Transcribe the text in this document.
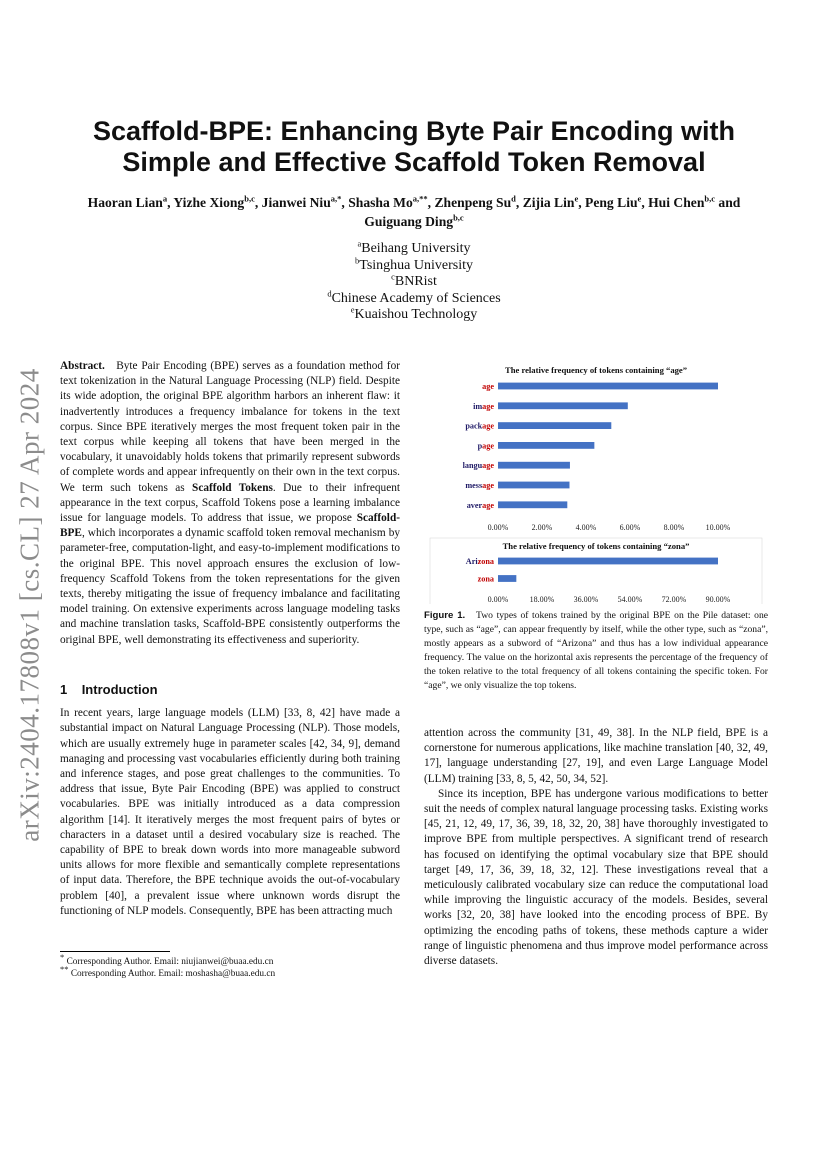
arXiv:2404.17808v1 [cs.CL] 27 Apr 2024
Scaffold-BPE: Enhancing Byte Pair Encoding with
Simple and Effective Scaffold Token Removal
Haoran Lian$^a$, Yizhe Xiong$^{b,c}$, Jianwei Niu$^{a,*}$, Shasha $Mo^{a,**}$, Zhenpeng Su$^d$, Zijia Lin$^e$, Peng Liu$^e$, Hui Chen$^{b,c}$ and
Guiguang Ding$^{b,c}$
$^a$Beihang University
$^b$Tsinghua University
$^c$BNRist
$^d$Chinese Academy of Sciences
$^e$Kuaishou Technology

Abstract. Byte Pair Encoding (BPE) serves as a foundation method for text tokenization in the Natural Language Processing (NLP) field. Despite its wide adoption, the original BPE algorithm harbors an inherent flaw: it inadvertently introduces a frequency imbalance for tokens in the text corpus. Since BPE iteratively merges the most frequent token pair in the text corpus while keeping all tokens that have been merged in the vocabulary, it unavoidably holds tokens that primarily represent subwords of complete words and appear infrequently on their own in the text corpus. We term such tokens as Scaffold Tokens. Due to their infrequent appearance in the text corpus, Scaffold Tokens pose a learning imbalance issue for language models. To address that issue, we propose Scaffold-BPE, which incorporates a dynamic scaffold token removal mechanism by parameter-free, computation-light, and easy-to-implement modifications to the original BPE. This novel approach ensures the exclusion of low-frequency Scaffold Tokens from the token representations for the given texts, thereby mitigating the issue of frequency imbalance and facilitating model training. On extensive experiments across language modeling tasks and machine translation tasks, Scaffold-BPE consistently outperforms the original BPE, well demonstrating its effectiveness and superiority.

1 Introduction

In recent years, large language models (LLM) [33, 8, 42] have made a substantial impact on Natural Language Processing (NLP). Those models, which are usually extremely huge in parameter scales [42, 34, 9], demand managing and processing vast vocabularies efficiently during both training and inference stages, and pose great challenges to the communities. To address that issue, Byte Pair Encoding (BPE) was applied to construct vocabularies. BPE was initially introduced as a data compression algorithm [14]. It iteratively merges the most frequent pairs of bytes or characters in a dataset until a desired vocabulary size is reached. The capability of BPE to break down words into more manageable subword units allows for more flexible and semantically complete representations of input data. Therefore, the BPE technique avoids the out-of-vocabulary problem [40], a prevalent issue where unknown words disrupt the functioning of NLP models. Consequently, BPE has been attracting much

* Corresponding Author. Email: niujianwei@buaa.edu.cn
** Corresponding Author. Email: moshasha@buaa.edu.cn
The relative frequency of tokens containing “age”
age
image
package
page
language
message
average
0.00%	2.00%	4.00%	6.00%	8.00%	10.00%
The relative frequency of tokens containing “zona”
Arizona
zona
0.00%	18.00% 36.00% 54.00% 72.00% 90.00%
Figure 1. Two types of tokens trained by the original BPE on the Pile dataset: one type, such as “age”, can appear frequently by itself, while the other type, such as “zona”, mostly appears as a subword of “Arizona” and thus has a low individual appearance frequency. The value on the horizontal axis represents the percentage of the frequency of the token relative to the total frequency of all tokens containing the specific token. For “age”, we only visualize the top tokens.

attention across the community [31, 49, 38]. In the NLP field, BPE is a cornerstone for numerous applications, like machine translation [40, 32, 49, 17], language understanding [27, 19], and even Large Language Model (LLM) training [33, 8, 5, 42, 50, 34, 52].

Since its inception, BPE has undergone various modifications to better suit the needs of complex natural language processing tasks. Existing works [45, 21, 12, 49, 17, 36, 39, 18, 32, 20, 38] have thoroughly investigated to improve BPE from multiple perspectives. A significant trend of research has focused on identifying the optimal vocabulary size that BPE should target [49, 17, 36, 39, 18, 32, 12]. These investigations reveal that a meticulously calibrated vocabulary size can reduce the computational load while improving the linguistic accuracy of the models. Besides, several works [32, 20, 38] have looked into the encoding process of BPE. By optimizing the encoding paths of tokens, these methods capture a wider range of linguistic phenomena and thus improve model performance across diverse datasets.
